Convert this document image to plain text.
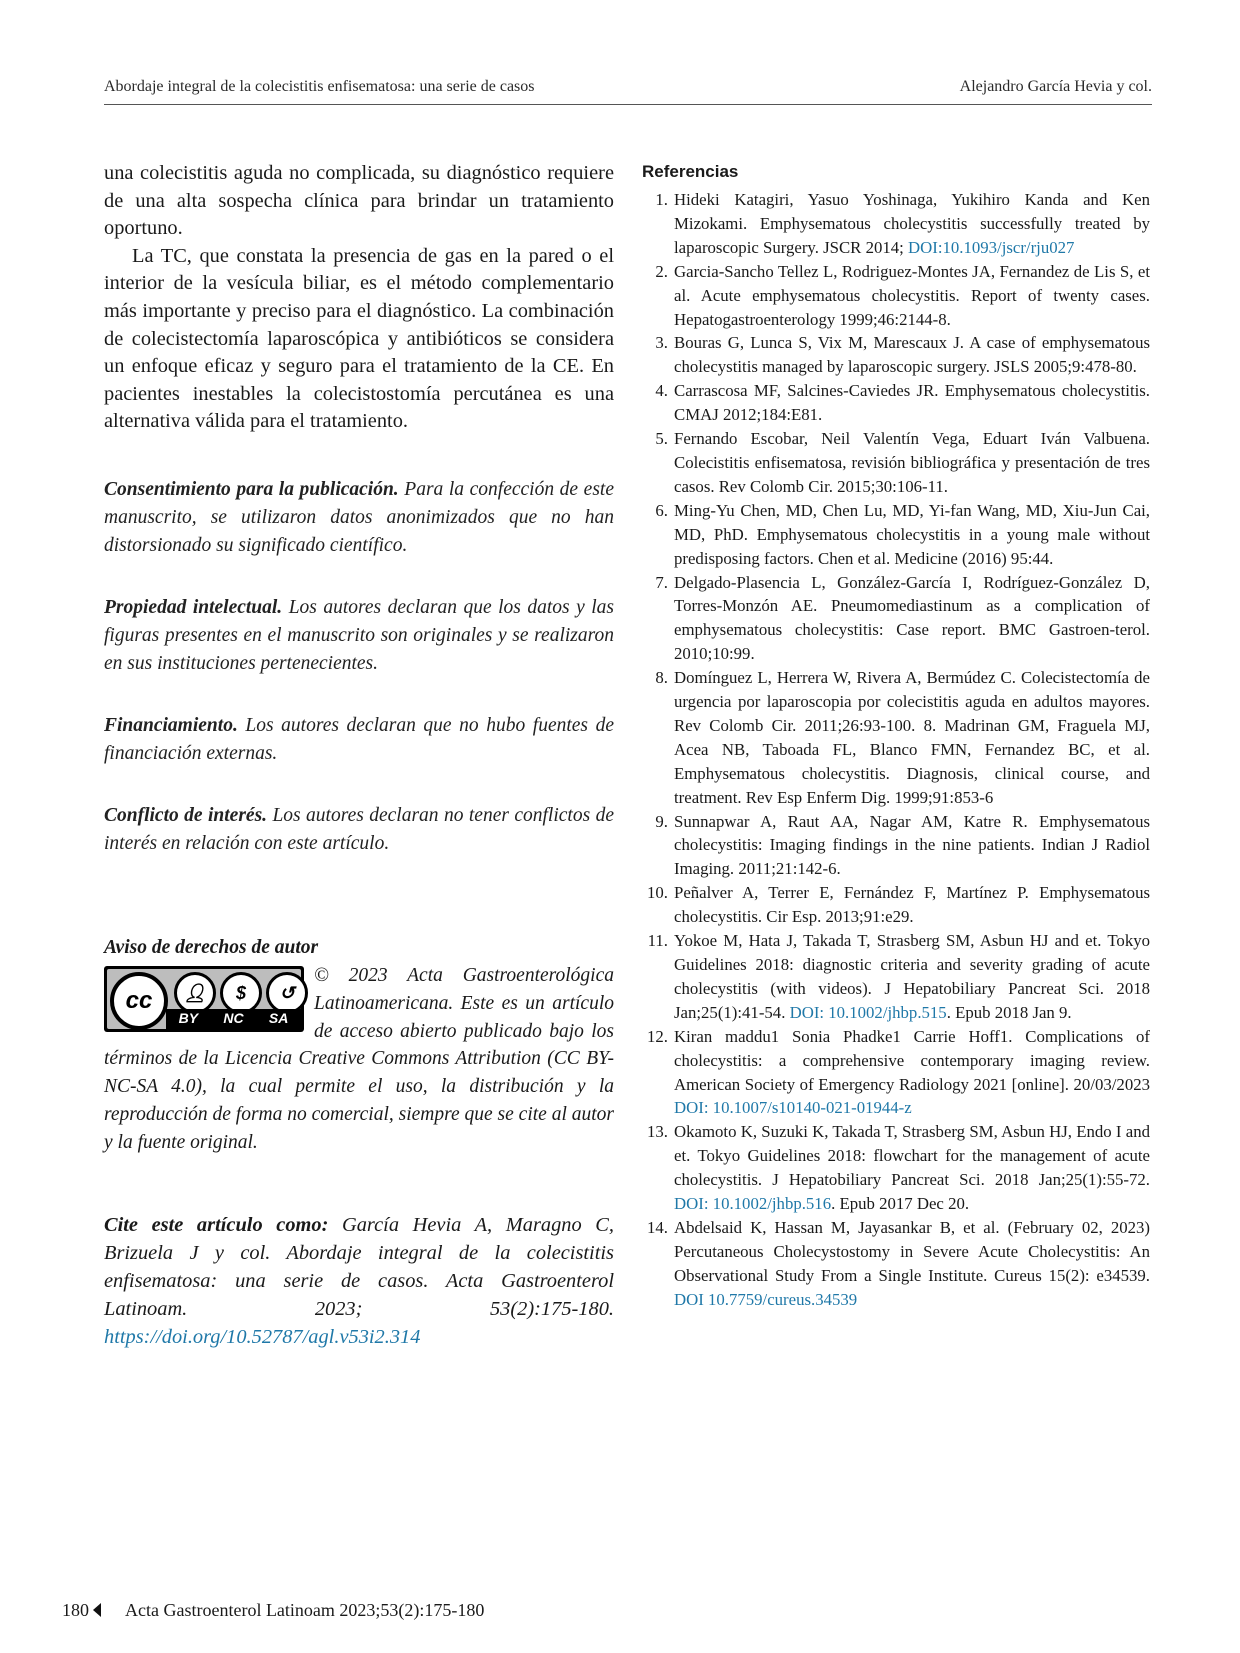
Abordaje integral de la colecistitis enfisematosa: una serie de casos	Alejandro García Hevia y col.

una colecistitis aguda no complicada, su diagnóstico requiere de una alta sospecha clínica para brindar un tratamiento oportuno.

La TC, que constata la presencia de gas en la pared o el interior de la vesícula biliar, es el método complementario más importante y preciso para el diagnóstico. La combinación de colecistectomía laparoscópica y antibióticos se considera un enfoque eficaz y seguro para el tratamiento de la CE. En pacientes inestables la colecistostomía percutánea es una alternativa válida para el tratamiento.

Consentimiento para la publicación. Para la confección de este manuscrito, se utilizaron datos anonimizados que no han distorsionado su significado científico.

Propiedad intelectual. Los autores declaran que los datos y las figuras presentes en el manuscrito son originales y se realizaron en sus instituciones pertenecientes.

Financiamiento. Los autores declaran que no hubo fuentes de financiación externas.

Conflicto de interés. Los autores declaran no tener conflictos de interés en relación con este artículo.

Aviso de derechos de autor
cc	👤︎	$	↺
BY NC SA
© 2023 Acta Gastroenterológica Latinoamericana. Este es un artículo de acceso abierto publicado bajo los términos de la Licencia Creative Commons Attribution (CC BY-NC-SA 4.0), la cual permite el uso, la distribución y la reproducción de forma no comercial, siempre que se cite al autor y la fuente original.

Cite este artículo como: García Hevia A, Maragno C, Brizuela J y col. Abordaje integral de la colecistitis enfisematosa: una serie de casos. Acta Gastroenterol Latinoam. 2023; 53(2):175-180. https://doi.org/10.52787/agl.v53i2.314

Referencias
1. Hideki Katagiri, Yasuo Yoshinaga, Yukihiro Kanda and Ken Mizokami. Emphysematous cholecystitis successfully treated by laparoscopic Surgery. JSCR 2014; DOI:10.1093/jscr/rju027
2. Garcia-Sancho Tellez L, Rodriguez-Montes JA, Fernandez de Lis S, et al. Acute emphysematous cholecystitis. Report of twenty cases. Hepatogastroenterology 1999;46:2144-8.
3. Bouras G, Lunca S, Vix M, Marescaux J. A case of emphysematous cholecystitis managed by laparoscopic surgery. JSLS 2005;9:478-80.
4. Carrascosa MF, Salcines-Caviedes JR. Emphysematous cholecystitis. CMAJ 2012;184:E81.
5. Fernando Escobar, Neil Valentín Vega, Eduart Iván Valbuena. Colecistitis enfisematosa, revisión bibliográfica y presentación de tres casos. Rev Colomb Cir. 2015;30:106-11.
6. Ming-Yu Chen, MD, Chen Lu, MD, Yi-fan Wang, MD, Xiu-Jun Cai, MD, PhD. Emphysematous cholecystitis in a young male without predisposing factors. Chen et al. Medicine (2016) 95:44.
7. Delgado-Plasencia L, González-García I, Rodríguez-González D, Torres-Monzón AE. Pneumomediastinum as a complication of emphysematous cholecystitis: Case report. BMC Gastroen-terol. 2010;10:99.
8. Domínguez L, Herrera W, Rivera A, Bermúdez C. Colecistectomía de urgencia por laparoscopia por colecistitis aguda en adultos mayores. Rev Colomb Cir. 2011;26:93-100. 8. Madrinan GM, Fraguela MJ, Acea NB, Taboada FL, Blanco FMN, Fernandez BC, et al. Emphysematous cholecystitis. Diagnosis, clinical course, and treatment. Rev Esp Enferm Dig. 1999;91:853-6
9. Sunnapwar A, Raut AA, Nagar AM, Katre R. Emphysematous cholecystitis: Imaging findings in the nine patients. Indian J Radiol Imaging. 2011;21:142-6.
10. Peñalver A, Terrer E, Fernández F, Martínez P. Emphysematous cholecystitis. Cir Esp. 2013;91:e29.
11. Yokoe M, Hata J, Takada T, Strasberg SM, Asbun HJ and et. Tokyo Guidelines 2018: diagnostic criteria and severity grading of acute cholecystitis (with videos). J Hepatobiliary Pancreat Sci. 2018 Jan;25(1):41-54. DOI: 10.1002/jhbp.515. Epub 2018 Jan 9.
12. Kiran maddu1 Sonia Phadke1 Carrie Hoff1. Complications of cholecystitis: a comprehensive contemporary imaging review. American Society of Emergency Radiology 2021 [online]. 20/03/2023 DOI: 10.1007/s10140-021-01944-z
13. Okamoto K, Suzuki K, Takada T, Strasberg SM, Asbun HJ, Endo I and et. Tokyo Guidelines 2018: flowchart for the management of acute cholecystitis. J Hepatobiliary Pancreat Sci. 2018 Jan;25(1):55-72. DOI: 10.1002/jhbp.516. Epub 2017 Dec 20.
14. Abdelsaid K, Hassan M, Jayasankar B, et al. (February 02, 2023) Percutaneous Cholecystostomy in Severe Acute Cholecystitis: An Observational Study From a Single Institute. Cureus 15(2): e34539. DOI 10.7759/cureus.34539
180 Acta Gastroenterol Latinoam 2023;53(2):175-180
